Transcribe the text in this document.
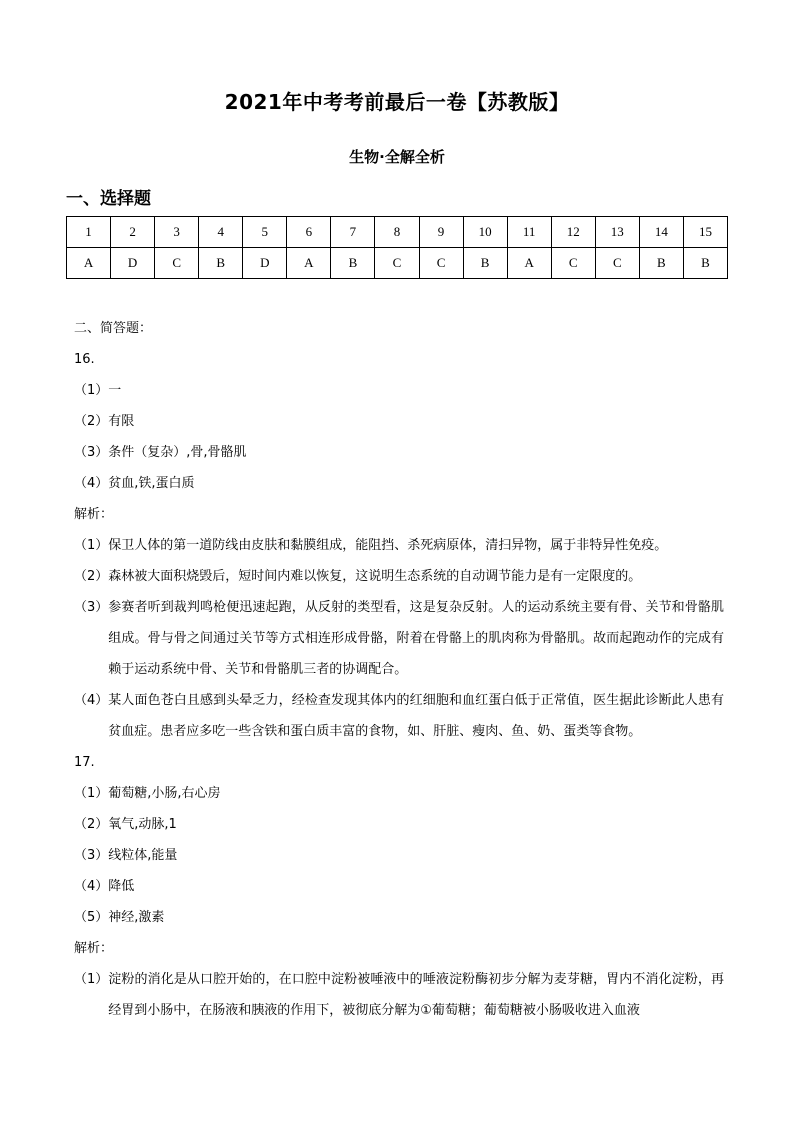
2021年中考考前最后一卷【苏教版】
生物·全解全析
一、选择题
1	2	3	4	5	6	7	8	9	10	11	12	13	14	15
A	D	C	B	D	A	B	C	C	B	A	C	C	B	B
二、简答题：
16.
（1）一
（2）有限
（3）条件（复杂）,骨,骨骼肌
（4）贫血,铁,蛋白质
解析：
（1） 保卫人体的第一道防线由皮肤和黏膜组成，能阻挡、杀死病原体，清扫异物，属于非特异性免疫。
（2） 森林被大面积烧毁后，短时间内难以恢复，这说明生态系统的自动调节能力是有一定限度的。
（3） 参赛者听到裁判鸣枪便迅速起跑，从反射的类型看，这是复杂反射。人的运动系统主要有骨、关节和骨骼肌组成。骨与骨之间通过关节等方式相连形成骨骼，附着在骨骼上的肌肉称为骨骼肌。故而起跑动作的完成有赖于运动系统中骨、关节和骨骼肌三者的协调配合。
（4） 某人面色苍白且感到头晕乏力，经检查发现其体内的红细胞和血红蛋白低于正常值，医生据此诊断此人患有贫血症。患者应多吃一些含铁和蛋白质丰富的食物，如、肝脏、瘦肉、鱼、奶、蛋类等食物。
17.
（1）葡萄糖,小肠,右心房
（2）氧气,动脉,1
（3）线粒体,能量
（4）降低
（5）神经,激素
解析：
（1） 淀粉的消化是从口腔开始的，在口腔中淀粉被唾液中的唾液淀粉酶初步分解为麦芽糖，胃内不消化淀粉，再经胃到小肠中，在肠液和胰液的作用下，被彻底分解为①葡萄糖；葡萄糖被小肠吸收进入血液
